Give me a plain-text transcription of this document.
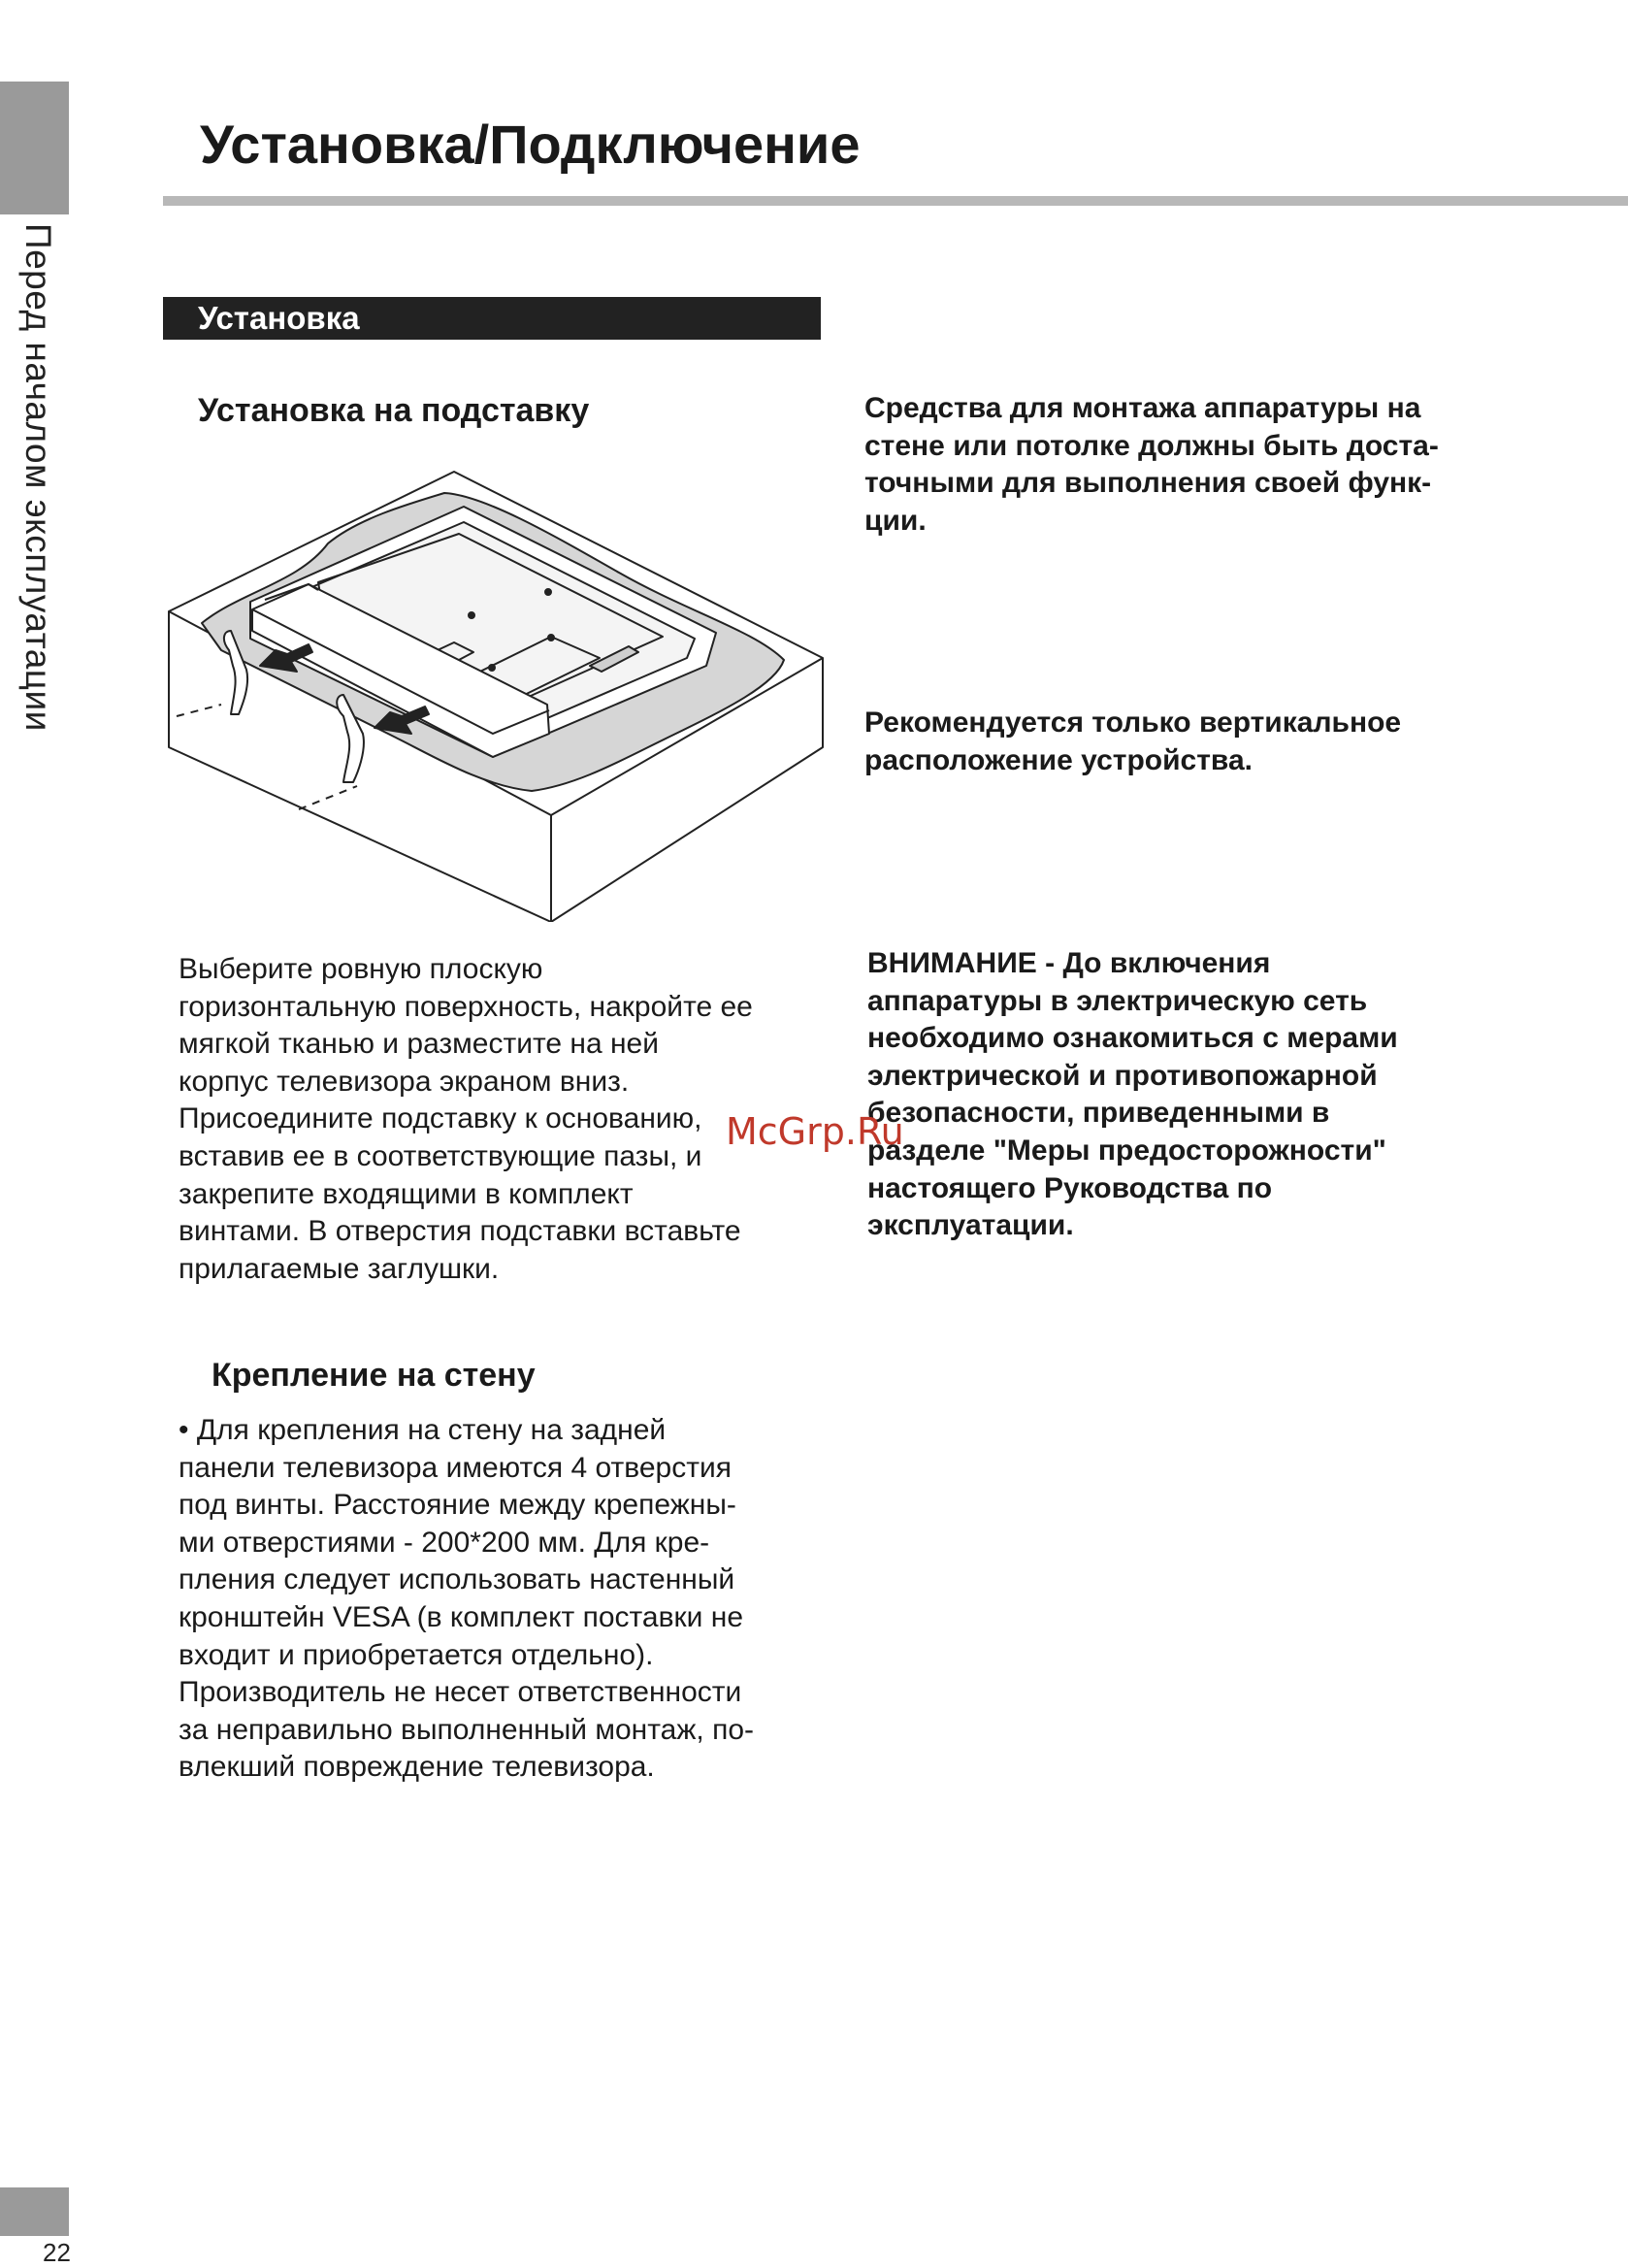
Перед началом эксплуатации
22
Установка/Подключение
Установка
Установка на подставку

Выберите ровную плоскую
горизонтальную поверхность, накройте ее
мягкой тканью и разместите на ней
корпус телевизора экраном вниз.
Присоедините подставку к основанию,
вставив ее в соответствующие пазы, и
закрепите входящими в комплект
винтами. В отверстия подставки вставьте
прилагаемые заглушки.

Крепление на стену

• Для крепления на стену на задней
панели телевизора имеются 4 отверстия
под винты. Расстояние между крепежны-
ми отверстиями - 200*200 мм. Для кре-
пления следует использовать настенный
кронштейн VESA (в комплект поставки не
входит и приобретается отдельно).

Производитель не несет ответственности
за неправильно выполненный монтаж, по-
влекший повреждение телевизора.

Средства для монтажа аппаратуры на
стене или потолке должны быть доста-
точными для выполнения своей функ-
ции.

Рекомендуется только вертикальное
расположение устройства.

ВНИМАНИЕ - До включения
аппаратуры в электрическую сеть
необходимо ознакомиться с мерами
электрической и противопожарной
безопасности, приведенными в
разделе "Меры предосторожности"
настоящего Руководства по
эксплуатации.

McGrp.Ru
